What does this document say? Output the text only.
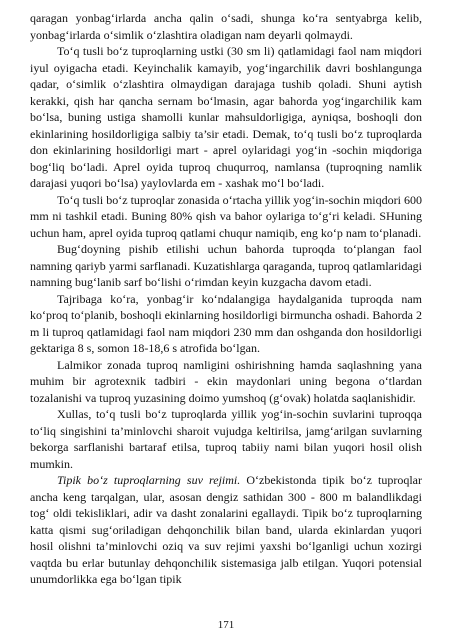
qaragan yonbag‘irlarda ancha qalin o‘sadi, shunga ko‘ra sentyabrga kelib, yonbag‘irlarda o‘simlik o‘zlashtira oladigan nam deyarli qolmaydi.

To‘q tusli bo‘z tuproqlarning ustki (30 sm li) qatlamidagi faol nam miqdori iyul oyigacha etadi. Keyinchalik kamayib, yog‘ingarchilik davri boshlangunga qadar, o‘simlik o‘zlashtira olmaydigan darajaga tushib qoladi. Shuni aytish kerakki, qish har qancha sernam bo‘lmasin, agar bahorda yog‘ingarchilik kam bo‘lsa, buning ustiga shamolli kunlar mahsuldorligiga, ayniqsa, boshoqli don ekinlarining hosildorligiga salbiy ta’sir etadi. Demak, to‘q tusli bo‘z tuproqlarda don ekinlarining hosildorligi mart - aprel oylaridagi yog‘in -sochin miqdoriga bog‘liq bo‘ladi. Aprel oyida tuproq chuqurroq, namlansa (tuproqning namlik darajasi yuqori bo‘lsa) yaylovlarda em - xashak mo‘l bo‘ladi.

To‘q tusli bo‘z tuproqlar zonasida o‘rtacha yillik yog‘in-sochin miqdori 600 mm ni tashkil etadi. Buning 80% qish va bahor oylariga to‘g‘ri keladi. SHuning uchun ham, aprel oyida tuproq qatlami chuqur namiqib, eng ko‘p nam to‘planadi.

Bug‘doyning pishib etilishi uchun bahorda tuproqda to‘plangan faol namning qariyb yarmi sarflanadi. Kuzatishlarga qaraganda, tuproq qatlamlaridagi namning bug‘lanib sarf bo‘lishi o‘rimdan keyin kuzgacha davom etadi.

Tajribaga ko‘ra, yonbag‘ir ko‘ndalangiga haydalganida tuproqda nam ko‘proq to‘planib, boshoqli ekinlarning hosildorligi birmuncha oshadi. Bahorda 2 m li tuproq qatlamidagi faol nam miqdori 230 mm dan oshganda don hosildorligi gektariga 8 s, somon 18-18,6 s atrofida bo‘lgan.

Lalmikor zonada tuproq namligini oshirishning hamda saqlashning yana muhim bir agrotexnik tadbiri - ekin maydonlari uning begona o‘tlardan tozalanishi va tuproq yuzasining doimo yumshoq (g‘ovak) holatda saqlanishidir.

Xullas, to‘q tusli bo‘z tuproqlarda yillik yog‘in-sochin suvlarini tuproqqa to‘liq singishini ta’minlovchi sharoit vujudga keltirilsa, jamg‘arilgan suvlarning bekorga sarflanishi bartaraf etilsa, tuproq tabiiy nami bilan yuqori hosil olish mumkin.

Tipik bo‘z tuproqlarning suv rejimi. O‘zbekistonda tipik bo‘z tuproqlar ancha keng tarqalgan, ular, asosan dengiz sathidan 300 - 800 m balandlikdagi tog‘ oldi tekisliklari, adir va dasht zonalarini egallaydi. Tipik bo‘z tuproqlarning katta qismi sug‘oriladigan dehqonchilik bilan band, ularda ekinlardan yuqori hosil olishni ta’minlovchi oziq va suv rejimi yaxshi bo‘lganligi uchun xozirgi vaqtda bu erlar butunlay dehqonchilik sistemasiga jalb etilgan. Yuqori potensial unumdorlikka ega bo‘lgan tipik

171
